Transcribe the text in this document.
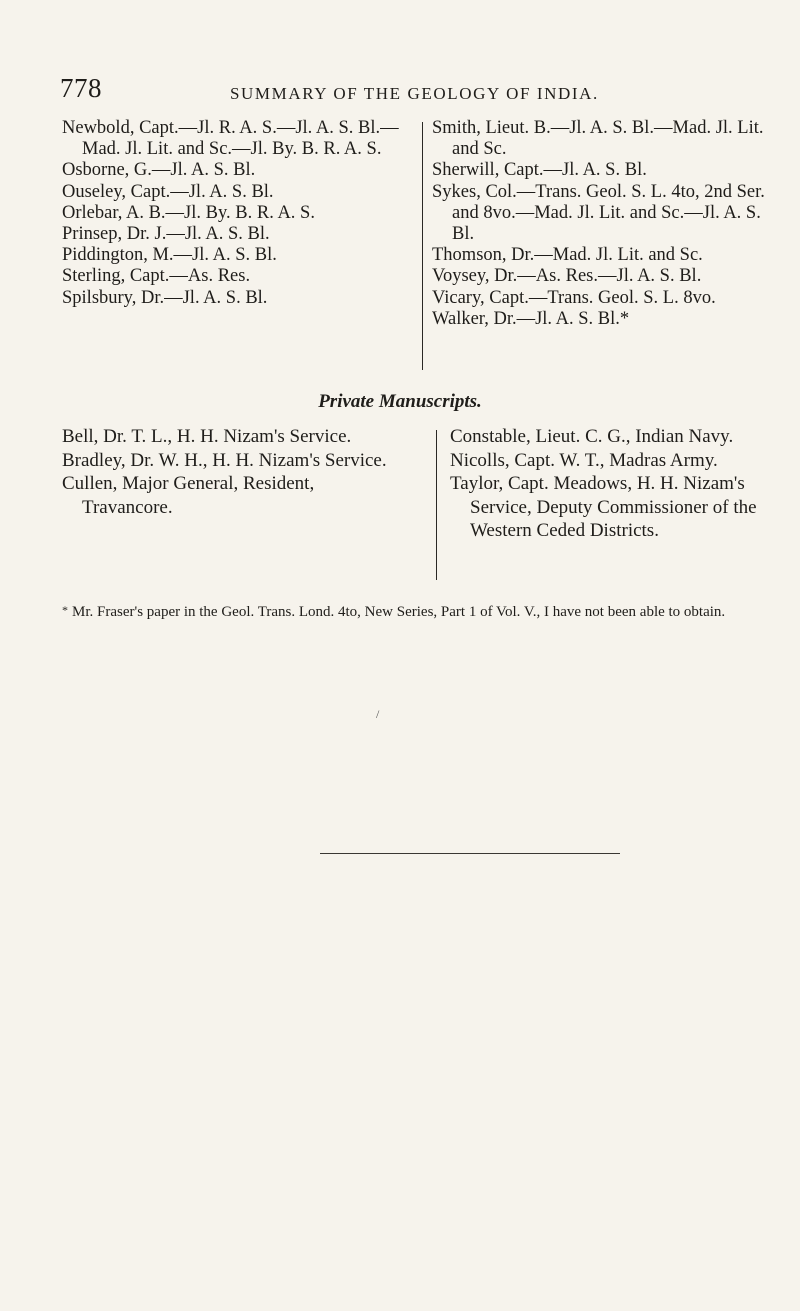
778	SUMMARY OF THE GEOLOGY OF INDIA.

Newbold, Capt.—Jl. R. A. S.—Jl. A. S. Bl.—Mad. Jl. Lit. and Sc.—Jl. By. B. R. A. S.

Osborne, G.—Jl. A. S. Bl.

Ouseley, Capt.—Jl. A. S. Bl.

Orlebar, A. B.—Jl. By. B. R. A. S.

Prinsep, Dr. J.—Jl. A. S. Bl.

Piddington, M.—Jl. A. S. Bl.

Sterling, Capt.—As. Res.

Spilsbury, Dr.—Jl. A. S. Bl.

Smith, Lieut. B.—Jl. A. S. Bl.—Mad. Jl. Lit. and Sc.

Sherwill, Capt.—Jl. A. S. Bl.

Sykes, Col.—Trans. Geol. S. L. 4to, 2nd Ser. and 8vo.—Mad. Jl. Lit. and Sc.—Jl. A. S. Bl.

Thomson, Dr.—Mad. Jl. Lit. and Sc.

Voysey, Dr.—As. Res.—Jl. A. S. Bl.

Vicary, Capt.—Trans. Geol. S. L. 8vo.

Walker, Dr.—Jl. A. S. Bl.*

Private Manuscripts.

Bell, Dr. T. L., H. H. Nizam's Service.

Bradley, Dr. W. H., H. H. Nizam's Service.

Cullen, Major General, Resident, Travancore.

Constable, Lieut. C. G., Indian Navy.

Nicolls, Capt. W. T., Madras Army.

Taylor, Capt. Meadows, H. H. Nizam's Service, Deputy Commissioner of the Western Ceded Districts.

* Mr. Fraser's paper in the Geol. Trans. Lond. 4to, New Series, Part 1 of Vol. V., I have not been able to obtain.
/
